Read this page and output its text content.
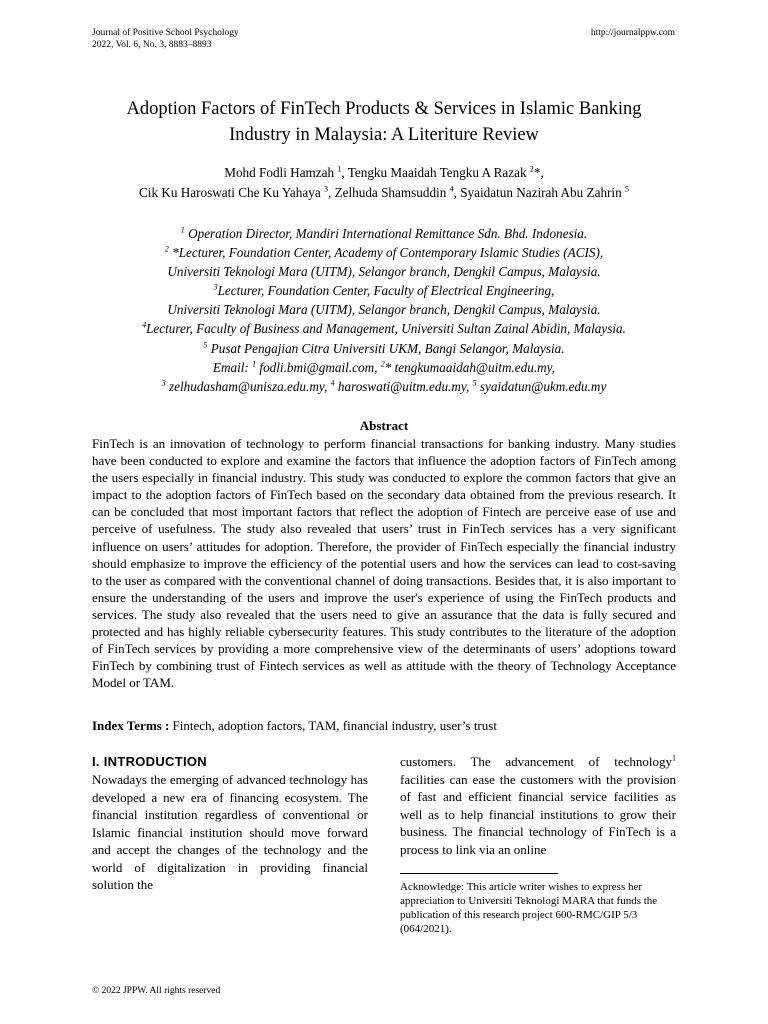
Journal of Positive School Psychology
2022, Vol. 6, No. 3, 8883–8893
http://journalppw.com
Adoption Factors of FinTech Products & Services in Islamic Banking
Industry in Malaysia: A Literiture Review
Mohd Fodli Hamzah $^1$, Tengku Maaidah Tengku A Razak $^2$*,
Cik Ku Haroswati Che Ku Yahaya $^3$, Zelhuda Shamsuddin $^4$, Syaidatun Nazirah Abu Zahrin $^5$
$^1$ Operation Director, Mandiri International Remittance Sdn. Bhd. Indonesia.
$^2$ *Lecturer, Foundation Center, Academy of Contemporary Islamic Studies (ACIS),
Universiti Teknologi Mara (UITM), Selangor branch, Dengkil Campus, Malaysia.
$^3$Lecturer, Foundation Center, Faculty of Electrical Engineering,
Universiti Teknologi Mara (UITM), Selangor branch, Dengkil Campus, Malaysia.
$^4$Lecturer, Faculty of Business and Management, Universiti Sultan Zainal Abidin, Malaysia.
$^5$ Pusat Pengajian Citra Universiti UKM, Bangi Selangor, Malaysia.
Email: $^1$ fodli.bmi@gmail.com, $^2$* tengkumaaidah@uitm.edu.my,
$^3$ zelhudasham@unisza.edu.my, $^4$ haroswati@uitm.edu.my, $^5$ syaidatun@ukm.edu.my
Abstract
FinTech is an innovation of technology to perform financial transactions for banking industry. Many studies have been conducted to explore and examine the factors that influence the adoption factors of FinTech among the users especially in financial industry. This study was conducted to explore the common factors that give an impact to the adoption factors of FinTech based on the secondary data obtained from the previous research. It can be concluded that most important factors that reflect the adoption of Fintech are perceive ease of use and perceive of usefulness. The study also revealed that users’ trust in FinTech services has a very significant influence on users’ attitudes for adoption. Therefore, the provider of FinTech especially the financial industry should emphasize to improve the efficiency of the potential users and how the services can lead to cost-saving to the user as compared with the conventional channel of doing transactions. Besides that, it is also important to ensure the understanding of the users and improve the user's experience of using the FinTech products and services. The study also revealed that the users need to give an assurance that the data is fully secured and protected and has highly reliable cybersecurity features. This study contributes to the literature of the adoption of FinTech services by providing a more comprehensive view of the determinants of users’ adoptions toward FinTech by combining trust of Fintech services as well as attitude with the theory of Technology Acceptance Model or TAM.
Index Terms : Fintech, adoption factors, TAM, financial industry, user’s trust
I. INTRODUCTION
Nowadays the emerging of advanced technology has developed a new era of financing ecosystem. The financial institution regardless of conventional or Islamic financial institution should move forward and accept the changes of the technology and the world of digitalization in providing financial solution the
customers. The advancement of technology$^1$ facilities can ease the customers with the provision of fast and efficient financial service facilities as well as to help financial institutions to grow their business. The financial technology of FinTech is a process to link via an online
Acknowledge: This article writer wishes to express her appreciation to Universiti Teknologi MARA that funds the publication of this research project 600-RMC/GIP 5/3 (064/2021).
© 2022 JPPW. All rights reserved
